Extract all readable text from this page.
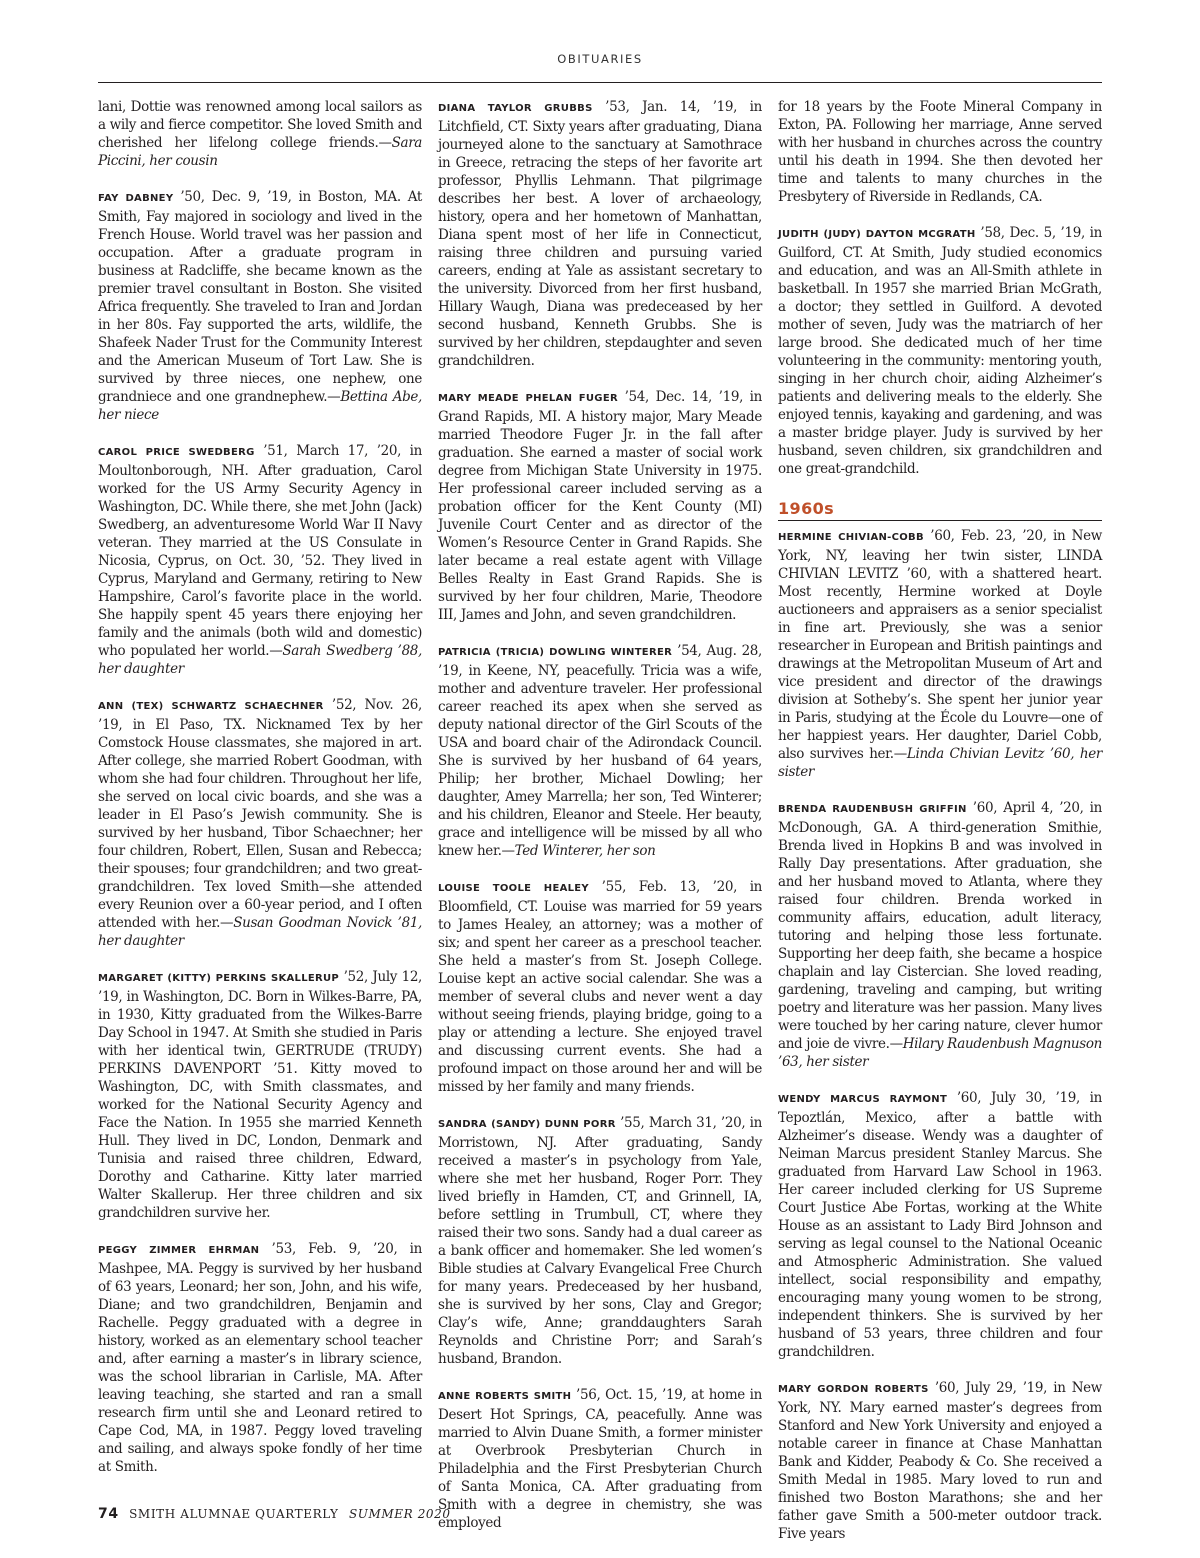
OBITUARIES

lani, Dottie was renowned among local sailors as a wily and fierce competitor. She loved Smith and cherished her lifelong college friends.—Sara Piccini, her cousin

FAY DABNEY ’50, Dec. 9, ’19, in Boston, MA. At Smith, Fay majored in sociology and lived in the French House. World travel was her passion and occupation. After a graduate program in business at Radcliffe, she became known as the premier travel consultant in Boston. She visited Africa frequently. She traveled to Iran and Jordan in her 80s. Fay supported the arts, wildlife, the Shafeek Nader Trust for the Community Interest and the American Museum of Tort Law. She is survived by three nieces, one nephew, one grandniece and one grandnephew.—Bettina Abe, her niece

CAROL PRICE SWEDBERG ’51, March 17, ’20, in Moultonborough, NH. After graduation, Carol worked for the US Army Security Agency in Washington, DC. While there, she met John (Jack) Swedberg, an adventuresome World War II Navy veteran. They married at the US Consulate in Nicosia, Cyprus, on Oct. 30, ’52. They lived in Cyprus, Maryland and Germany, retiring to New Hampshire, Carol’s favorite place in the world. She happily spent 45 years there enjoying her family and the animals (both wild and domestic) who populated her world.—Sarah Swedberg ’88, her daughter

ANN (TEX) SCHWARTZ SCHAECHNER ’52, Nov. 26, ’19, in El Paso, TX. Nicknamed Tex by her Comstock House classmates, she majored in art. After college, she married Robert Goodman, with whom she had four children. Throughout her life, she served on local civic boards, and she was a leader in El Paso’s Jewish community. She is survived by her husband, Tibor Schaechner; her four children, Robert, Ellen, Susan and Rebecca; their spouses; four grandchildren; and two great-grandchildren. Tex loved Smith—she attended every Reunion over a 60-year period, and I often attended with her.—Susan Goodman Novick ’81, her daughter

MARGARET (KITTY) PERKINS SKALLERUP ’52, July 12, ’19, in Washington, DC. Born in Wilkes-Barre, PA, in 1930, Kitty graduated from the Wilkes-Barre Day School in 1947. At Smith she studied in Paris with her identical twin, GERTRUDE (TRUDY) PERKINS DAVENPORT ’51. Kitty moved to Washington, DC, with Smith classmates, and worked for the National Security Agency and Face the Nation. In 1955 she married Kenneth Hull. They lived in DC, London, Denmark and Tunisia and raised three children, Edward, Dorothy and Catharine. Kitty later married Walter Skallerup. Her three children and six grandchildren survive her.

PEGGY ZIMMER EHRMAN ’53, Feb. 9, ’20, in Mashpee, MA. Peggy is survived by her husband of 63 years, Leonard; her son, John, and his wife, Diane; and two grandchildren, Benjamin and Rachelle. Peggy graduated with a degree in history, worked as an elementary school teacher and, after earning a master’s in library science, was the school librarian in Carlisle, MA. After leaving teaching, she started and ran a small research firm until she and Leonard retired to Cape Cod, MA, in 1987. Peggy loved traveling and sailing, and always spoke fondly of her time at Smith.

DIANA TAYLOR GRUBBS ’53, Jan. 14, ’19, in Litchfield, CT. Sixty years after graduating, Diana journeyed alone to the sanctuary at Samothrace in Greece, retracing the steps of her favorite art professor, Phyllis Lehmann. That pilgrimage describes her best. A lover of archaeology, history, opera and her hometown of Manhattan, Diana spent most of her life in Connecticut, raising three children and pursuing varied careers, ending at Yale as assistant secretary to the university. Divorced from her first husband, Hillary Waugh, Diana was predeceased by her second husband, Kenneth Grubbs. She is survived by her children, stepdaughter and seven grandchildren.

MARY MEADE PHELAN FUGER ’54, Dec. 14, ’19, in Grand Rapids, MI. A history major, Mary Meade married Theodore Fuger Jr. in the fall after graduation. She earned a master of social work degree from Michigan State University in 1975. Her professional career included serving as a probation officer for the Kent County (MI) Juvenile Court Center and as director of the Women’s Resource Center in Grand Rapids. She later became a real estate agent with Village Belles Realty in East Grand Rapids. She is survived by her four children, Marie, Theodore III, James and John, and seven grandchildren.

PATRICIA (TRICIA) DOWLING WINTERER ’54, Aug. 28, ’19, in Keene, NY, peacefully. Tricia was a wife, mother and adventure traveler. Her professional career reached its apex when she served as deputy national director of the Girl Scouts of the USA and board chair of the Adirondack Council. She is survived by her husband of 64 years, Philip; her brother, Michael Dowling; her daughter, Amey Marrella; her son, Ted Winterer; and his children, Eleanor and Steele. Her beauty, grace and intelligence will be missed by all who knew her.—Ted Winterer, her son

LOUISE TOOLE HEALEY ’55, Feb. 13, ’20, in Bloomfield, CT. Louise was married for 59 years to James Healey, an attorney; was a mother of six; and spent her career as a preschool teacher. She held a master’s from St. Joseph College. Louise kept an active social calendar. She was a member of several clubs and never went a day without seeing friends, playing bridge, going to a play or attending a lecture. She enjoyed travel and discussing current events. She had a profound impact on those around her and will be missed by her family and many friends.

SANDRA (SANDY) DUNN PORR ’55, March 31, ’20, in Morristown, NJ. After graduating, Sandy received a master’s in psychology from Yale, where she met her husband, Roger Porr. They lived briefly in Hamden, CT, and Grinnell, IA, before settling in Trumbull, CT, where they raised their two sons. Sandy had a dual career as a bank officer and homemaker. She led women’s Bible studies at Calvary Evangelical Free Church for many years. Predeceased by her husband, she is survived by her sons, Clay and Gregor; Clay’s wife, Anne; granddaughters Sarah Reynolds and Christine Porr; and Sarah’s husband, Brandon.

ANNE ROBERTS SMITH ’56, Oct. 15, ’19, at home in Desert Hot Springs, CA, peacefully. Anne was married to Alvin Duane Smith, a former minister at Overbrook Presbyterian Church in Philadelphia and the First Presbyterian Church of Santa Monica, CA. After graduating from Smith with a degree in chemistry, she was employed

for 18 years by the Foote Mineral Company in Exton, PA. Following her marriage, Anne served with her husband in churches across the country until his death in 1994. She then devoted her time and talents to many churches in the Presbytery of Riverside in Redlands, CA.

JUDITH (JUDY) DAYTON MCGRATH ’58, Dec. 5, ’19, in Guilford, CT. At Smith, Judy studied economics and education, and was an All-Smith athlete in basketball. In 1957 she married Brian McGrath, a doctor; they settled in Guilford. A devoted mother of seven, Judy was the matriarch of her large brood. She dedicated much of her time volunteering in the community: mentoring youth, singing in her church choir, aiding Alzheimer’s patients and delivering meals to the elderly. She enjoyed tennis, kayaking and gardening, and was a master bridge player. Judy is survived by her husband, seven children, six grandchildren and one great-grandchild.

1960s

HERMINE CHIVIAN-COBB ’60, Feb. 23, ’20, in New York, NY, leaving her twin sister, LINDA CHIVIAN LEVITZ ’60, with a shattered heart. Most recently, Hermine worked at Doyle auctioneers and appraisers as a senior specialist in fine art. Previously, she was a senior researcher in European and British paintings and drawings at the Metropolitan Museum of Art and vice president and director of the drawings division at Sotheby’s. She spent her junior year in Paris, studying at the École du Louvre—one of her happiest years. Her daughter, Dariel Cobb, also survives her.—Linda Chivian Levitz ’60, her sister

BRENDA RAUDENBUSH GRIFFIN ’60, April 4, ’20, in McDonough, GA. A third-generation Smithie, Brenda lived in Hopkins B and was involved in Rally Day presentations. After graduation, she and her husband moved to Atlanta, where they raised four children. Brenda worked in community affairs, education, adult literacy, tutoring and helping those less fortunate. Supporting her deep faith, she became a hospice chaplain and lay Cistercian. She loved reading, gardening, traveling and camping, but writing poetry and literature was her passion. Many lives were touched by her caring nature, clever humor and joie de vivre.—Hilary Raudenbush Magnuson ’63, her sister

WENDY MARCUS RAYMONT ’60, July 30, ’19, in Tepoztlán, Mexico, after a battle with Alzheimer’s disease. Wendy was a daughter of Neiman Marcus president Stanley Marcus. She graduated from Harvard Law School in 1963. Her career included clerking for US Supreme Court Justice Abe Fortas, working at the White House as an assistant to Lady Bird Johnson and serving as legal counsel to the National Oceanic and Atmospheric Administration. She valued intellect, social responsibility and empathy, encouraging many young women to be strong, independent thinkers. She is survived by her husband of 53 years, three children and four grandchildren.

MARY GORDON ROBERTS ’60, July 29, ’19, in New York, NY. Mary earned master’s degrees from Stanford and New York University and enjoyed a notable career in finance at Chase Manhattan Bank and Kidder, Peabody & Co. She received a Smith Medal in 1985. Mary loved to run and finished two Boston Marathons; she and her father gave Smith a 500-meter outdoor track. Five years

74 SMITH ALUMNAE QUARTERLY SUMMER 2020
